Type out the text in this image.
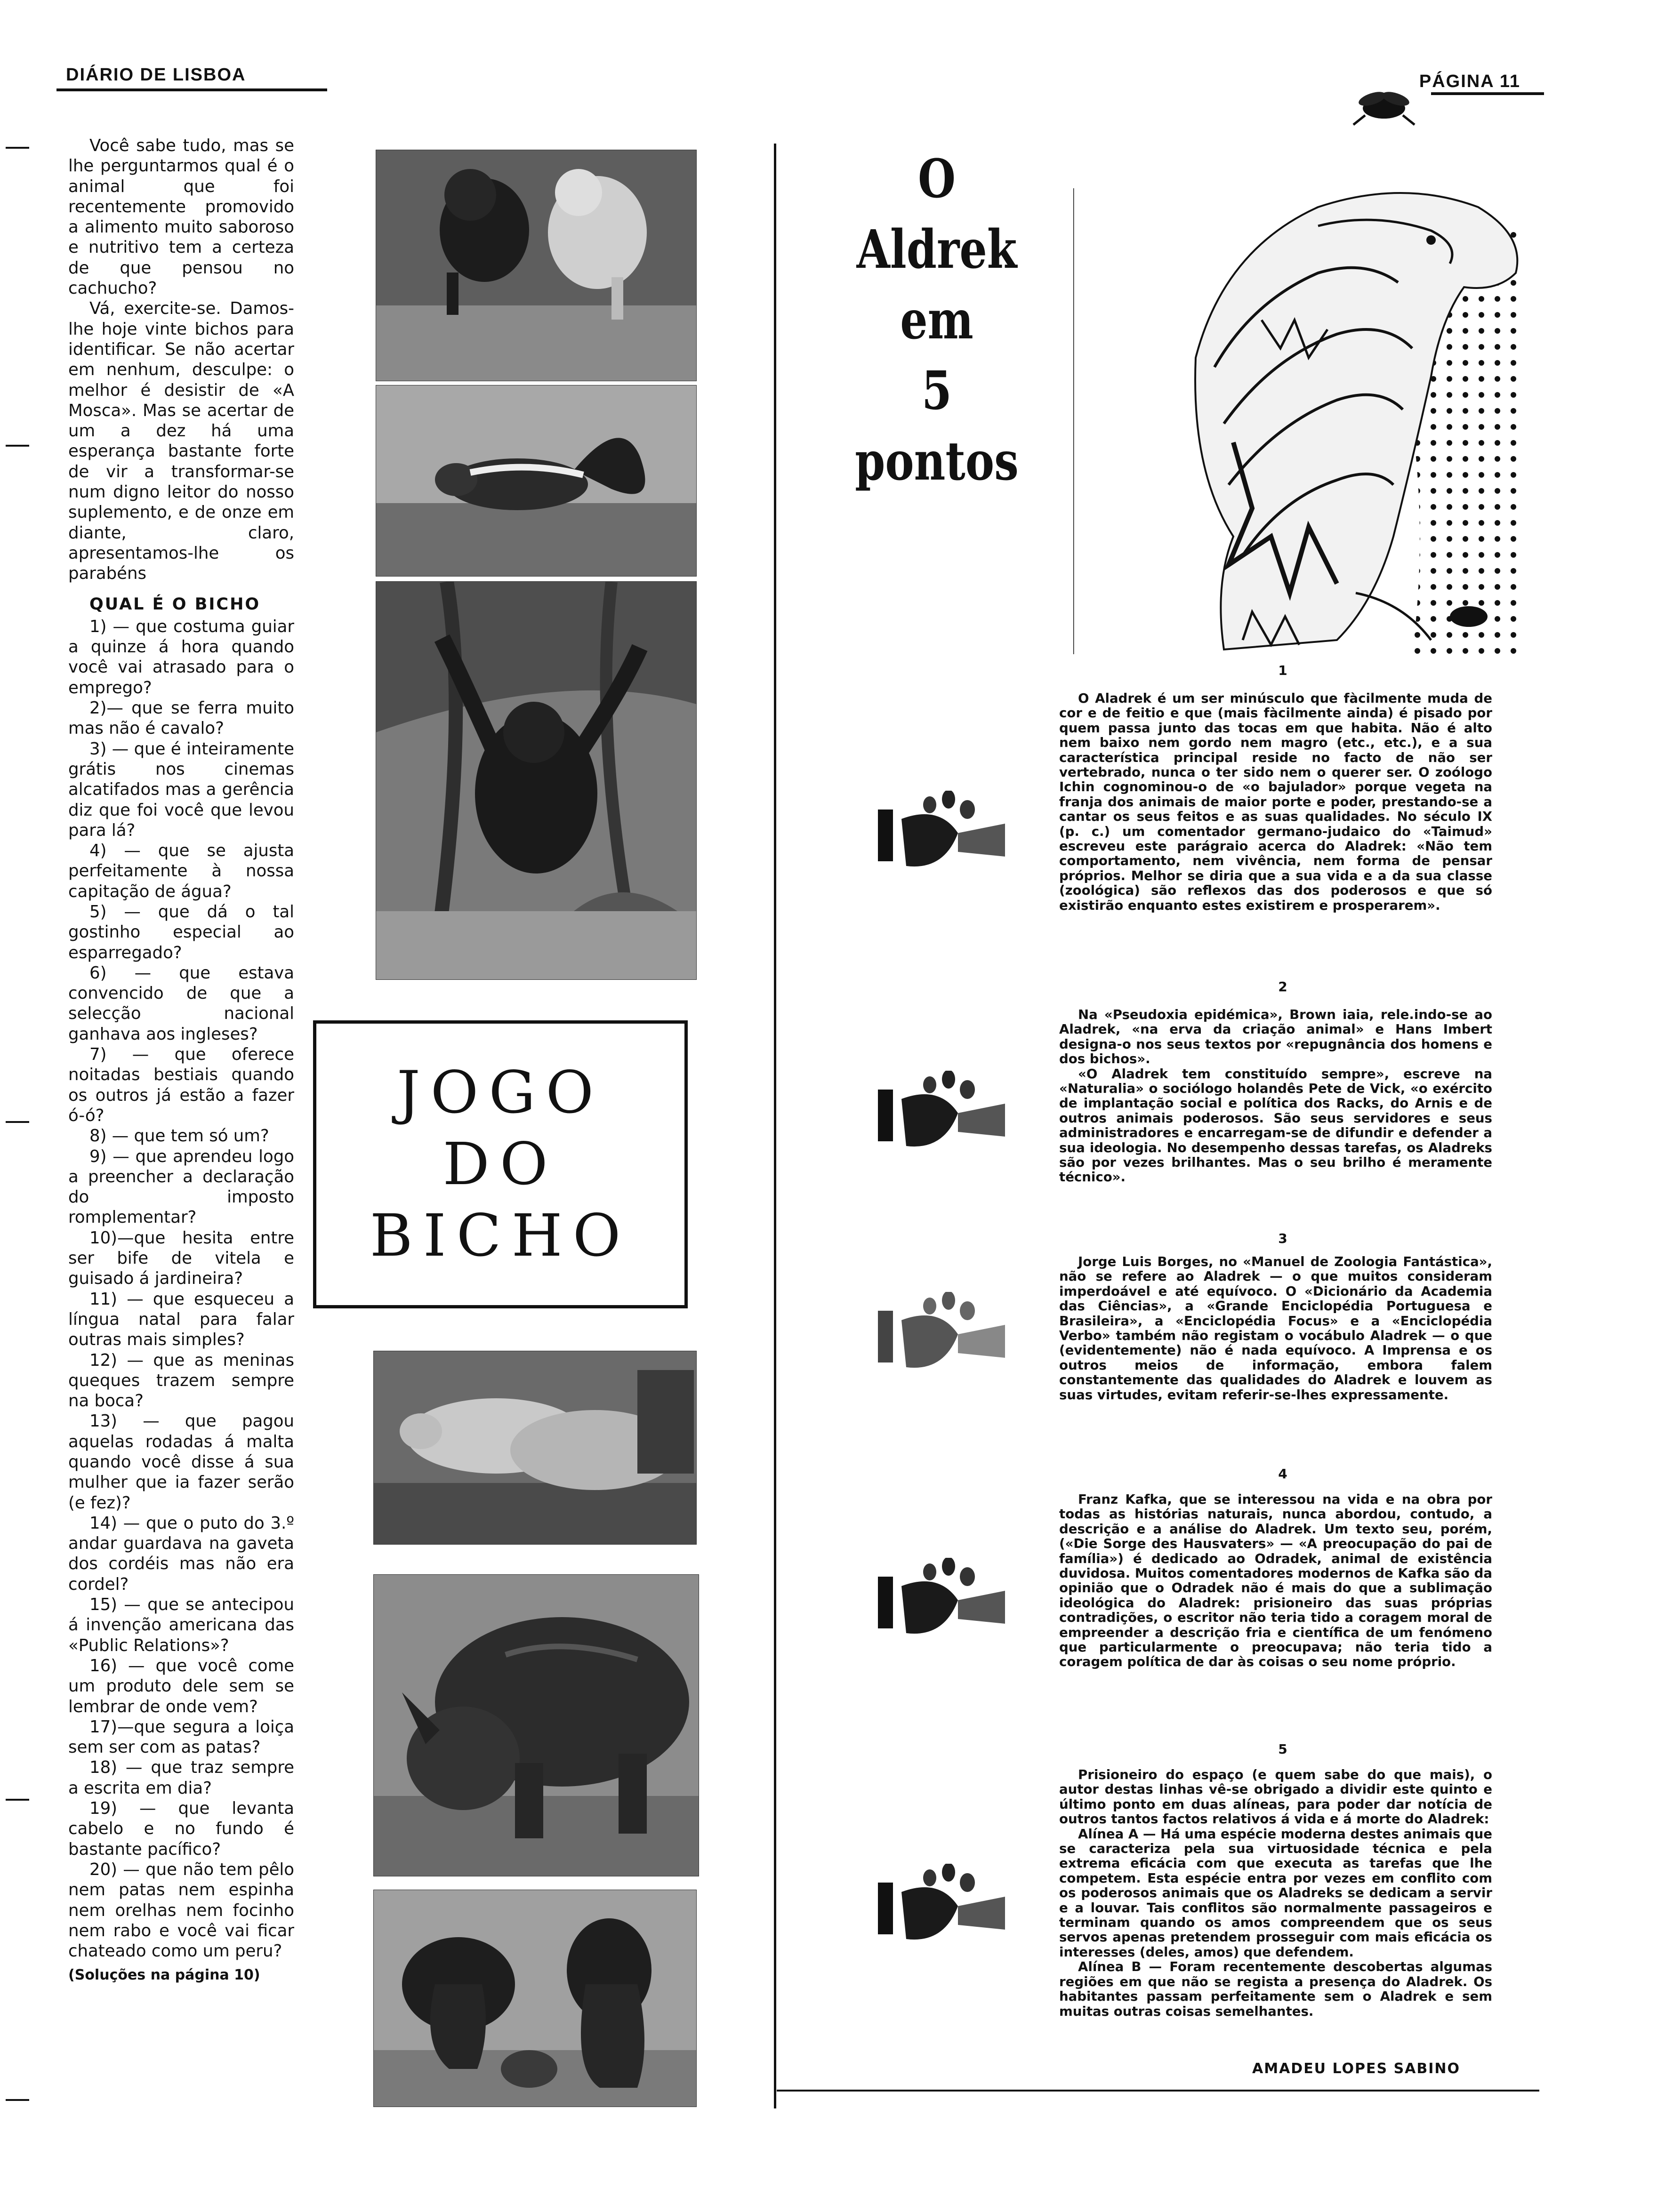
DIÁRIO DE LISBOA	PÁGINA 11

Você sabe tudo, mas se lhe perguntarmos qual é o animal que foi recentemente promovido a alimento muito saboroso e nutritivo tem a certeza de que pensou no cachucho?

Vá, exercite-se. Damos-lhe hoje vinte bichos para identificar. Se não acertar em nenhum, desculpe: o melhor é desistir de «A Mosca». Mas se acertar de um a dez há uma esperança bastante forte de vir a transformar-se num digno leitor do nosso suplemento, e de onze em diante, claro, apresentamos-lhe os parabéns

QUAL É O BICHO

1) — que costuma guiar a quinze á hora quando você vai atrasado para o emprego?

2)— que se ferra muito mas não é cavalo?

3) — que é inteiramente grátis nos cinemas alcatifados mas a gerência diz que foi você que levou para lá?

4) — que se ajusta perfeitamente à nossa capitação de água?

5) — que dá o tal gostinho especial ao esparregado?

6) — que estava convencido de que a selecção nacional ganhava aos ingleses?

7) — que oferece noitadas bestiais quando os outros já estão a fazer ó-ó?

8) — que tem só um?

9) — que aprendeu logo a preencher a declaração do imposto romplementar?

10)—que hesita entre ser bife de vitela e guisado á jardineira?

11) — que esqueceu a língua natal para falar outras mais simples?

12) — que as meninas queques trazem sempre na boca?

13) — que pagou aquelas rodadas á malta quando você disse á sua mulher que ia fazer serão (e fez)?

14) — que o puto do 3.º andar guardava na gaveta dos cordéis mas não era cordel?

15) — que se antecipou á invenção americana das «Public Relations»?

16) — que você come um produto dele sem se lembrar de onde vem?

17)—que segura a loiça sem ser com as patas?

18) — que traz sempre a escrita em dia?

19) — que levanta cabelo e no fundo é bastante pacífico?

20) — que não tem pêlo nem patas nem espinha nem orelhas nem focinho nem rabo e você vai ficar chateado como um peru?

(Soluções na página 10)

JOGO
DO
BICHO
O
Aldrek
em
5
pontos
1

O Aladrek é um ser minúsculo que fàcilmente muda de cor e de feitio e que (mais fàcilmente ainda) é pisado por quem passa junto das tocas em que habita. Não é alto nem baixo nem gordo nem magro (etc., etc.), e a sua característica principal reside no facto de não ser vertebrado, nunca o ter sido nem o querer ser. O zoólogo Ichin cognominou-o de «o bajulador» porque vegeta na franja dos animais de maior porte e poder, prestando-se a cantar os seus feitos e as suas qualidades. No século IX (p. c.) um comentador germano-judaico do «Taimud» escreveu este parágraio acerca do Aladrek: «Não tem comportamento, nem vivência, nem forma de pensar próprios. Melhor se diria que a sua vida e a da sua classe (zoológica) são reflexos das dos poderosos e que só existirão enquanto estes existirem e prosperarem».

2

Na «Pseudoxia epidémica», Brown iaia, rele.indo-se ao Aladrek, «na erva da criação animal» e Hans Imbert designa-o nos seus textos por «repugnância dos homens e dos bichos».

«O Aladrek tem constituído sempre», escreve na «Naturalia» o sociólogo holandês Pete de Vick, «o exército de implantação social e política dos Racks, do Arnis e de outros animais poderosos. São seus servidores e seus administradores e encarregam-se de difundir e defender a sua ideologia. No desempenho dessas tarefas, os Aladreks são por vezes brilhantes. Mas o seu brilho é meramente técnico».

3

Jorge Luis Borges, no «Manuel de Zoologia Fantástica», não se refere ao Aladrek — o que muitos consideram imperdoável e até equívoco. O «Dicionário da Academia das Ciências», a «Grande Enciclopédia Portuguesa e Brasileira», a «Enciclopédia Focus» e a «Enciclopédia Verbo» também não registam o vocábulo Aladrek — o que (evidentemente) não é nada equívoco. A Imprensa e os outros meios de informação, embora falem constantemente das qualidades do Aladrek e louvem as suas virtudes, evitam referir-se-lhes expressamente.

4

Franz Kafka, que se interessou na vida e na obra por todas as histórias naturais, nunca abordou, contudo, a descrição e a análise do Aladrek. Um texto seu, porém, («Die Sorge des Hausvaters» — «A preocupação do pai de família») é dedicado ao Odradek, animal de existência duvidosa. Muitos comentadores modernos de Kafka são da opinião que o Odradek não é mais do que a sublimação ideológica do Aladrek: prisioneiro das suas próprias contradições, o escritor não teria tido a coragem moral de empreender a descrição fria e científica de um fenómeno que particularmente o preocupava; não teria tido a coragem política de dar às coisas o seu nome próprio.

5

Prisioneiro do espaço (e quem sabe do que mais), o autor destas linhas vê-se obrigado a dividir este quinto e último ponto em duas alíneas, para poder dar notícia de outros tantos factos relativos á vida e á morte do Aladrek:

Alínea A — Há uma espécie moderna destes animais que se caracteriza pela sua virtuosidade técnica e pela extrema eficácia com que executa as tarefas que lhe competem. Esta espécie entra por vezes em conflito com os poderosos animais que os Aladreks se dedicam a servir e a louvar. Tais conflitos são normalmente passageiros e terminam quando os amos compreendem que os seus servos apenas pretendem prosseguir com mais eficácia os interesses (deles, amos) que defendem.

Alínea B — Foram recentemente descobertas algumas regiões em que não se regista a presença do Aladrek. Os habitantes passam perfeitamente sem o Aladrek e sem muitas outras coisas semelhantes.

AMADEU LOPES SABINO
